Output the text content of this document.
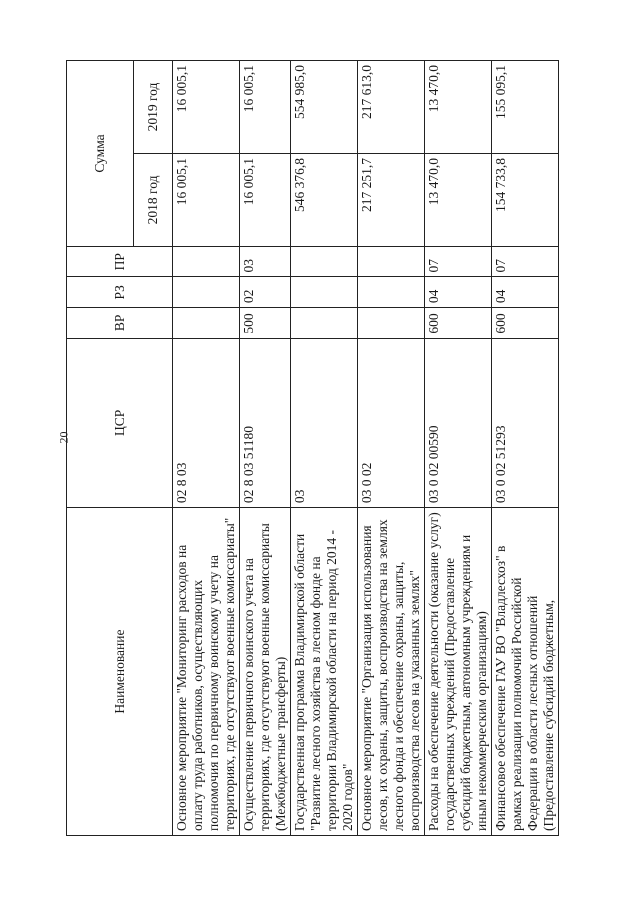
20
Наименование	ЦСР	ВР	РЗ	ПР	Сумма	
					2018 год	2019 год
Основное мероприятие "Мониторинг расходов на оплату труда работников, осуществляющих полномочия по первичному воинскому учету на территориях, где отсутствуют военные комиссариаты"	02 8 03				16 005,1	16 005,1
Осуществление первичного воинского учета на территориях, где отсутствуют военные комиссариаты (Межбюджетные трансферты)	02 8 03 51180	500	02	03	16 005,1	16 005,1
Государственная программа Владимирской области "Развитие лесного хозяйства в лесном фонде на территории Владимирской области на период 2014 - 2020 годов"	03				546 376,8	554 985,0
Основное мероприятие "Организация использования лесов, их охраны, защиты, воспроизводства на землях лесного фонда и обеспечение охраны, защиты, воспроизводства лесов на указанных землях"	03 0 02				217 251,7	217 613,0
Расходы на обеспечение деятельности (оказание услуг) государственных учреждений (Предоставление субсидий бюджетным, автономным учреждениям и иным некоммерческим организациям)	03 0 02 00590	600	04	07	13 470,0	13 470,0
Финансовое обеспечение ГАУ ВО "Владлесхоз" в рамках реализации полномочий Российской Федерации в области лесных отношений (Предоставление субсидий бюджетным,	03 0 02 51293	600	04	07	154 733,8	155 095,1
